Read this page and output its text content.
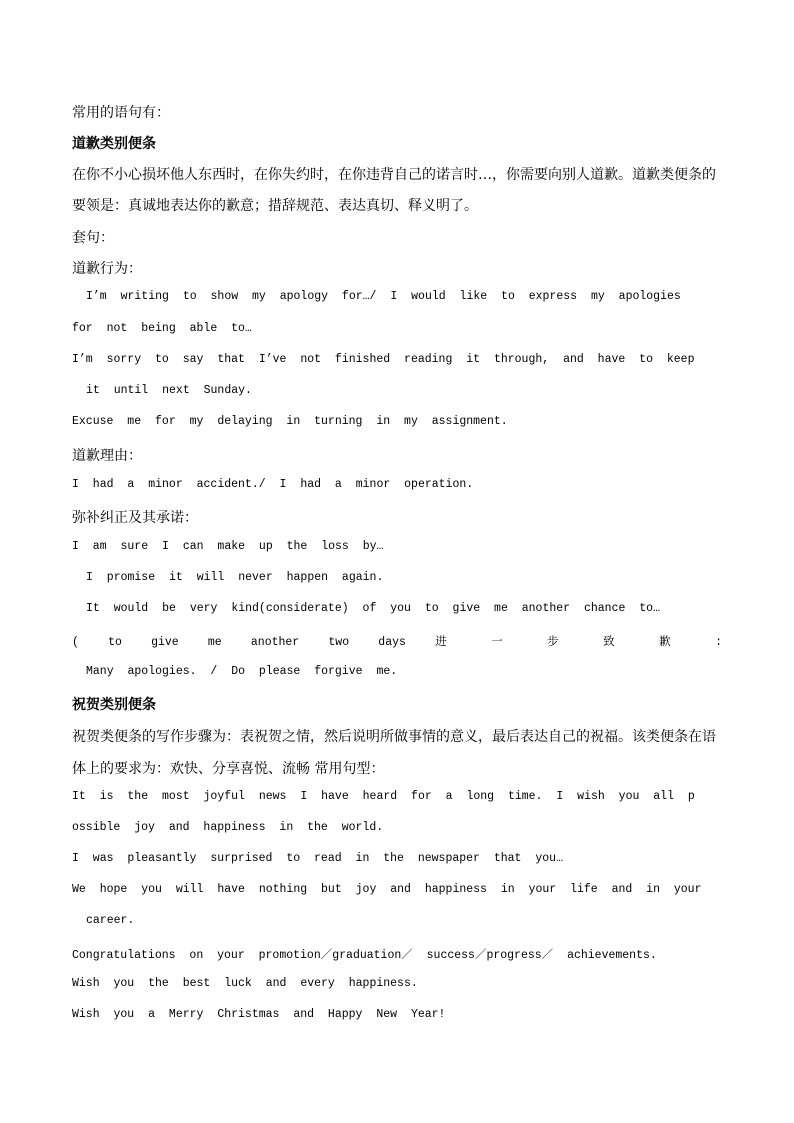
常用的语句有：
道歉类别便条
在你不小心损坏他人东西时，在你失约时，在你违背自己的诺言时…，你需要向别人道歉。道歉类便条的
要领是：真诚地表达你的歉意；措辞规范、表达真切、释义明了。
套句：
道歉行为：
I’m writing to show my apology for…/ I would like to express my apologies
for not being able to…
I’m sorry to say that I’ve not finished reading it through, and have to keep
it until next Sunday.
Excuse me for my delaying in turning in my assignment.
道歉理由：
I had a minor accident./ I had a minor operation.
弥补纠正及其承诺：
I am sure I can make up the loss by…
I promise it will never happen again.
It would be very kind(considerate) of you to give me another chance to…
( to give me another two days 进 一 步 致 歉 :
Many apologies. / Do please forgive me.
祝贺类别便条
祝贺类便条的写作步骤为：表祝贺之情，然后说明所做事情的意义，最后表达自己的祝福。该类便条在语
体上的要求为：欢快、分享喜悦、流畅 常用句型：
It is the most joyful news I have heard for a long time. I wish you all p
ossible joy and happiness in the world.
I was pleasantly surprised to read in the newspaper that you…
We hope you will have nothing but joy and happiness in your life and in your
career.
Congratulations on your promotion／graduation／ success／progress／ achievements.
Wish you the best luck and every happiness.
Wish you a Merry Christmas and Happy New Year!
